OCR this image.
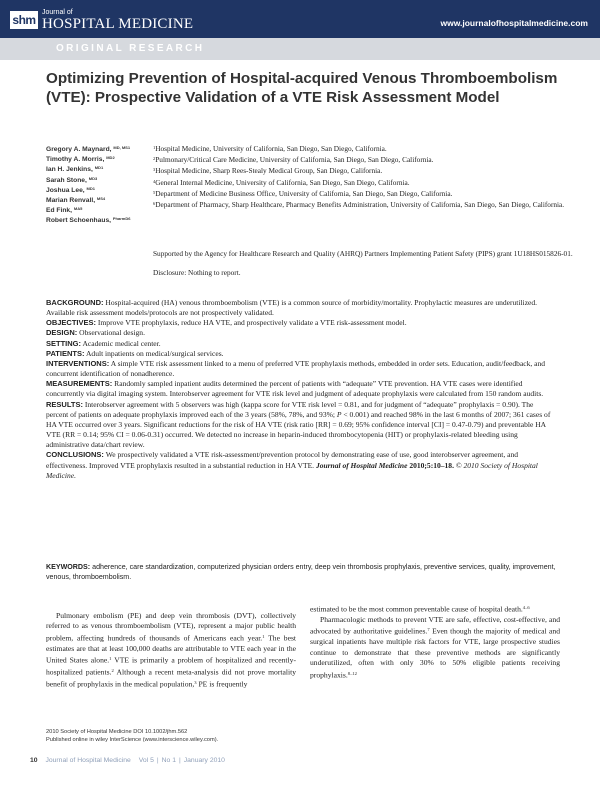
shm
Journal of
HOSPITAL MEDICINE	www.journalofhospitalmedicine.com
ORIGINAL RESEARCH
Optimizing Prevention of Hospital-acquired Venous Thromboembolism (VTE): Prospective Validation of a VTE Risk Assessment Model
Gregory A. Maynard, $^{MD, MS1}$
Timothy A. Morris, $^{MD2}$
Ian H. Jenkins, $^{MD1}$
Sarah Stone, $^{MD3}$
Joshua Lee, $^{MD1}$
Marian Renvall, $^{MS4}$
Ed Fink, $^{MA5}$
Robert Schoenhaus, $^{PharmD6}$
$^1$Hospital Medicine, University of California, San Diego, San Diego, California.
$^2$Pulmonary/Critical Care Medicine, University of California, San Diego, San Diego, California.
$^3$Hospital Medicine, Sharp Rees-Stealy Medical Group, San Diego, California.
$^4$General Internal Medicine, University of California, San Diego, San Diego, California.
$^5$Department of Medicine Business Office, University of California, San Diego, San Diego, California.
$^6$Department of Pharmacy, Sharp Healthcare, Pharmacy Benefits Administration, University of California, San Diego, San Diego, California.
Supported by the Agency for Healthcare Research and Quality (AHRQ) Partners Implementing Patient Safety (PIPS) grant 1U18HS015826-01.
Disclosure: Nothing to report.

BACKGROUND: Hospital-acquired (HA) venous thromboembolism (VTE) is a common source of morbidity/mortality. Prophylactic measures are underutilized. Available risk assessment models/protocols are not prospectively validated.

OBJECTIVES: Improve VTE prophylaxis, reduce HA VTE, and prospectively validate a VTE risk-assessment model.

DESIGN: Observational design.

SETTING: Academic medical center.

PATIENTS: Adult inpatients on medical/surgical services.

INTERVENTIONS: A simple VTE risk assessment linked to a menu of preferred VTE prophylaxis methods, embedded in order sets. Education, audit/feedback, and concurrent identification of nonadherence.

MEASUREMENTS: Randomly sampled inpatient audits determined the percent of patients with “adequate” VTE prevention. HA VTE cases were identified concurrently via digital imaging system. Interobserver agreement for VTE risk level and judgment of adequate prophylaxis were calculated from 150 random audits.

RESULTS: Interobserver agreement with 5 observers was high (kappa score for VTE risk level = 0.81, and for judgment of “adequate” prophylaxis = 0.90). The percent of patients on adequate prophylaxis improved each of the 3 years (58%, 78%, and 93%; P < 0.001) and reached 98% in the last 6 months of 2007; 361 cases of HA VTE occurred over 3 years. Significant reductions for the risk of HA VTE (risk ratio [RR] = 0.69; 95% confidence interval [CI] = 0.47-0.79) and preventable HA VTE (RR = 0.14; 95% CI = 0.06-0.31) occurred. We detected no increase in heparin-induced thrombocytopenia (HIT) or prophylaxis-related bleeding using administrative data/chart review.

CONCLUSIONS: We prospectively validated a VTE risk-assessment/prevention protocol by demonstrating ease of use, good interobserver agreement, and effectiveness. Improved VTE prophylaxis resulted in a substantial reduction in HA VTE. Journal of Hospital Medicine 2010;5:10–18. © 2010 Society of Hospital Medicine.

KEYWORDS: adherence, care standardization, computerized physician orders entry, deep vein thrombosis prophylaxis, preventive services, quality, improvement, venous, thromboembolism.

Pulmonary embolism (PE) and deep vein thrombosis (DVT), collectively referred to as venous thromboembolism (VTE), represent a major public health problem, affecting hundreds of thousands of Americans each year.$^1$ The best estimates are that at least 100,000 deaths are attributable to VTE each year in the United States alone.$^1$ VTE is primarily a problem of hospitalized and recently-hospitalized patients.$^2$ Although a recent meta-analysis did not prove mortality benefit of prophylaxis in the medical population,$^3$ PE is frequently

estimated to be the most common preventable cause of hospital death.$^{4-6}$

Pharmacologic methods to prevent VTE are safe, effective, cost-effective, and advocated by authoritative guidelines.$^7$ Even though the majority of medical and surgical inpatients have multiple risk factors for VTE, large prospective studies continue to demonstrate that these preventive methods are significantly underutilized, often with only 30% to 50% eligible patients receiving prophylaxis.$^{8-12}$

2010 Society of Hospital Medicine DOI 10.1002/jhm.562
Published online in wiley InterScience (www.interscience.wiley.com).
10 Journal of Hospital Medicine Vol 5 | No 1 | January 2010
